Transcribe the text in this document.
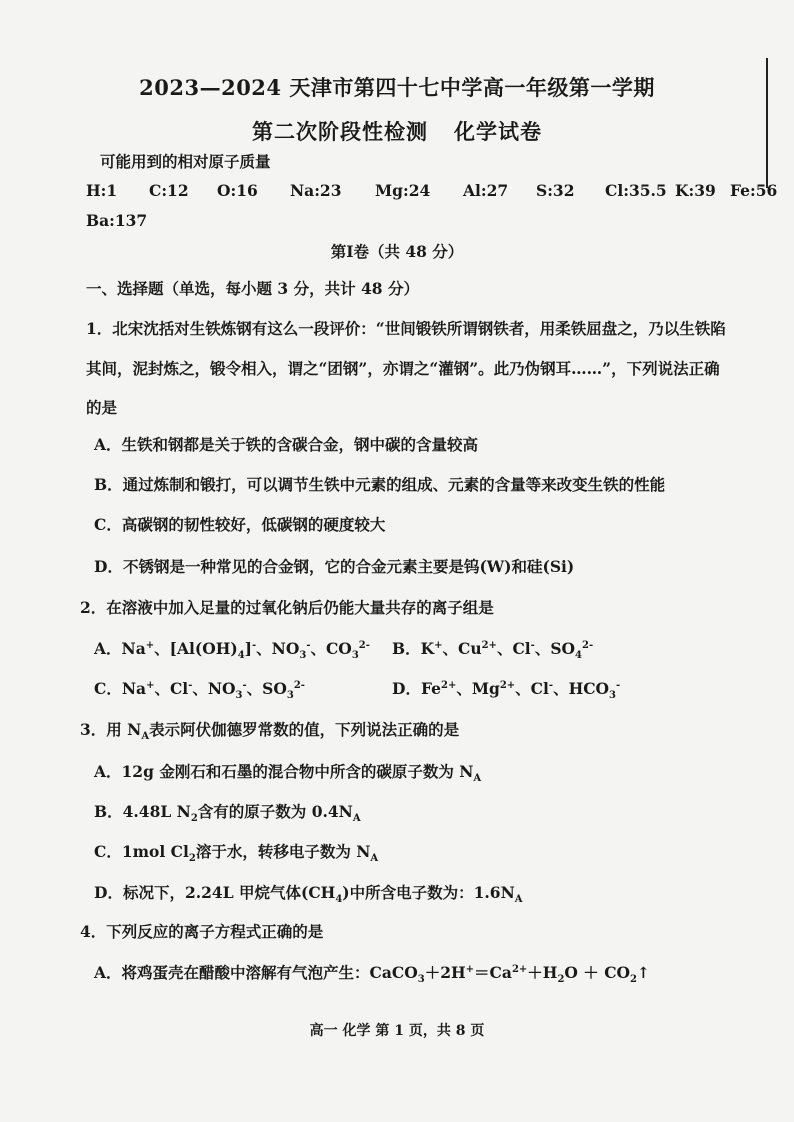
2023—2024 天津市第四十七中学高一年级第一学期
第二次阶段性检测 化学试卷
可能用到的相对原子质量
H:1 C:12 O:16 Na:23 Mg:24 Al:27 S:32 Cl:35.5 K:39 Fe:56
Ba:137
第Ⅰ卷（共 48 分）
一、选择题（单选，每小题 3 分，共计 48 分）
1．北宋沈括对生铁炼钢有这么一段评价：“世间锻铁所谓钢铁者，用柔铁屈盘之，乃以生铁陷
其间，泥封炼之，锻令相入，谓之“团钢”，亦谓之“灌钢”。此乃伪钢耳……”，下列说法正确
的是
A．生铁和钢都是关于铁的含碳合金，钢中碳的含量较高
B．通过炼制和锻打，可以调节生铁中元素的组成、元素的含量等来改变生铁的性能
C．高碳钢的韧性较好，低碳钢的硬度较大
D．不锈钢是一种常见的合金钢，它的合金元素主要是钨(W)和硅(Si)
2．在溶液中加入足量的过氧化钠后仍能大量共存的离子组是
A．Na+、$[Al(OH)_4]^-$、$NO_3^-$、$CO_3^{2-}$ B．K+、$Cu^{2+}$、Cl-、$SO_4^{2-}$
C．Na+、Cl-、$NO_3^-$、$SO_3^{2-}$	D．$Fe^{2+}$、$Mg^{2+}$、Cl-、$HCO_3^-$
3．用 $N_A$表示阿伏伽德罗常数的值，下列说法正确的是
A．12g 金刚石和石墨的混合物中所含的碳原子数为 $N_A$
B．4.48L $N_2$含有的原子数为 $0.4N_A$
C．1mol $Cl_2$溶于水，转移电子数为 $N_A$
D．标况下，2.24L 甲烷气体$(CH_4)$中所含电子数为：$1.6N_A$
4．下列反应的离子方程式正确的是
A．将鸡蛋壳在醋酸中溶解有气泡产生：$CaCO_3+2H^+=Ca^{2+}+H_2O$ ＋ $CO_2↑$
高一 化学 第 1 页，共 8 页
